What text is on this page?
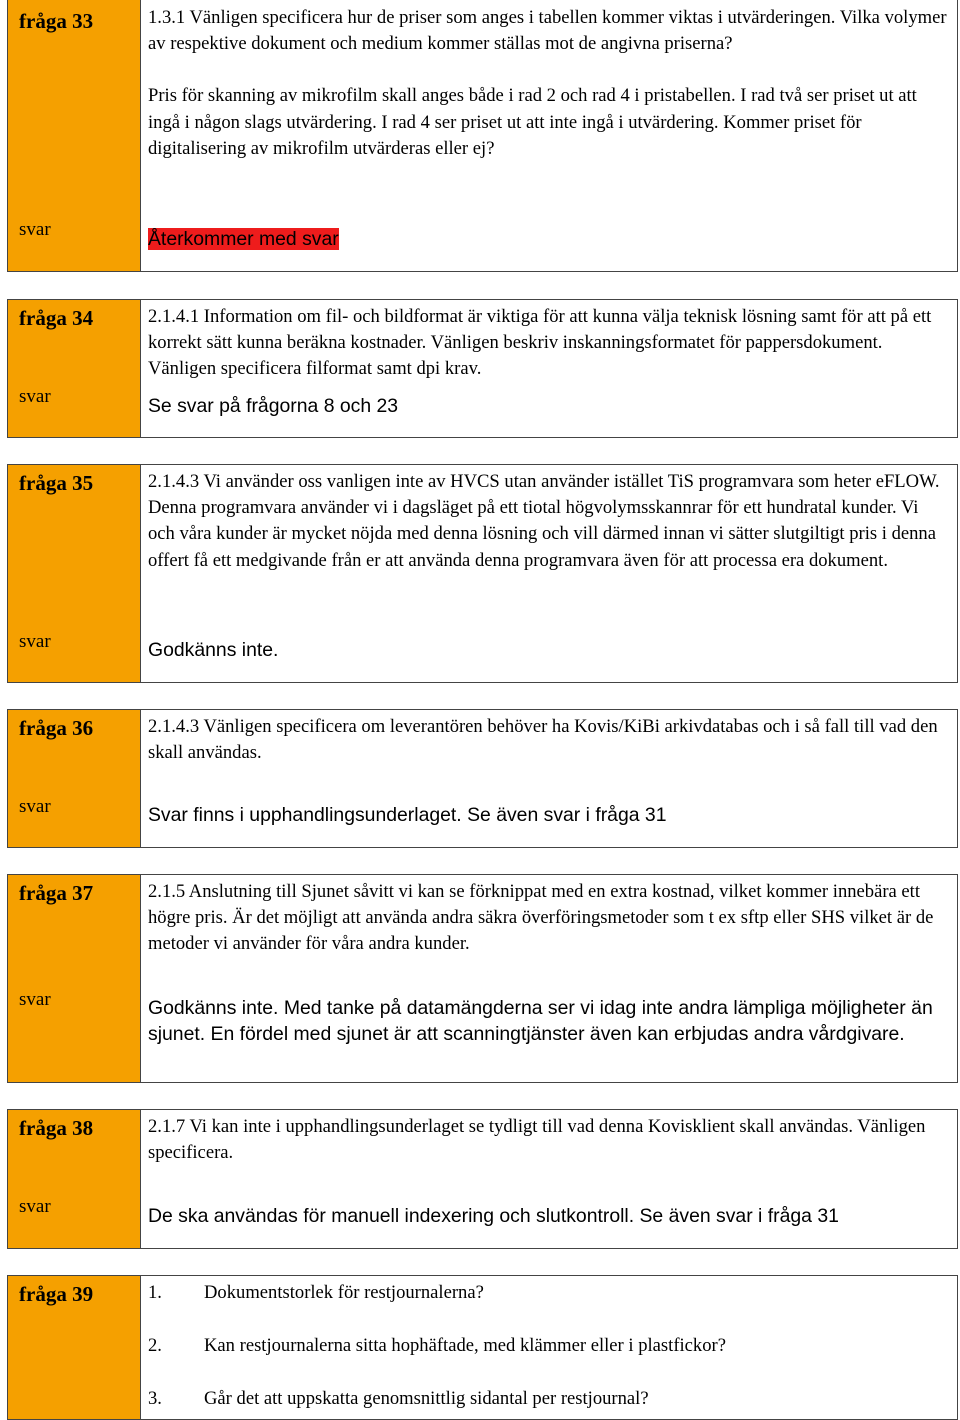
fråga 33
svar

1.3.1 Vänligen specificera hur de priser som anges i tabellen kommer viktas i utvärderingen. Vilka volymer av respektive dokument och medium kommer ställas mot de angivna priserna?

Pris för skanning av mikrofilm skall anges både i rad 2 och rad 4 i pristabellen. I rad två ser priset ut att ingå i någon slags utvärdering. I rad 4 ser priset ut att inte ingå i utvärdering. Kommer priset för digitalisering av mikrofilm utvärderas eller ej?

Återkommer med svar
fråga 34
svar
2.1.4.1 Information om fil- och bildformat är viktiga för att kunna välja teknisk lösning samt för att på ett korrekt sätt kunna beräkna kostnader. Vänligen beskriv inskanningsformatet för pappersdokument. Vänligen specificera filformat samt dpi krav.
Se svar på frågorna 8 och 23
fråga 35
svar
2.1.4.3 Vi använder oss vanligen inte av HVCS utan använder istället TiS programvara som heter eFLOW. Denna programvara använder vi i dagsläget på ett tiotal högvolymsskannrar för ett hundratal kunder. Vi och våra kunder är mycket nöjda med denna lösning och vill därmed innan vi sätter slutgiltigt pris i denna offert få ett medgivande från er att använda denna programvara även för att processa era dokument.
Godkänns inte.
fråga 36
svar
2.1.4.3 Vänligen specificera om leverantören behöver ha Kovis/KiBi arkivdatabas och i så fall till vad den skall användas.
Svar finns i upphandlingsunderlaget. Se även svar i fråga 31
fråga 37
svar
2.1.5 Anslutning till Sjunet såvitt vi kan se förknippat med en extra kostnad, vilket kommer innebära ett högre pris. Är det möjligt att använda andra säkra överföringsmetoder som t ex sftp eller SHS vilket är de metoder vi använder för våra andra kunder.
Godkänns inte. Med tanke på datamängderna ser vi idag inte andra lämpliga möjligheter än sjunet. En fördel med sjunet är att scanningtjänster även kan erbjudas andra vårdgivare.
fråga 38
svar
2.1.7 Vi kan inte i upphandlingsunderlaget se tydligt till vad denna Kovisklient skall användas. Vänligen specificera.
De ska användas för manuell indexering och slutkontroll. Se även svar i fråga 31
fråga 39	1. Dokumentstorlek för restjournalerna?
2. Kan restjournalerna sitta hophäftade, med klämmer eller i plastfickor?
3. Går det att uppskatta genomsnittlig sidantal per restjournal?
